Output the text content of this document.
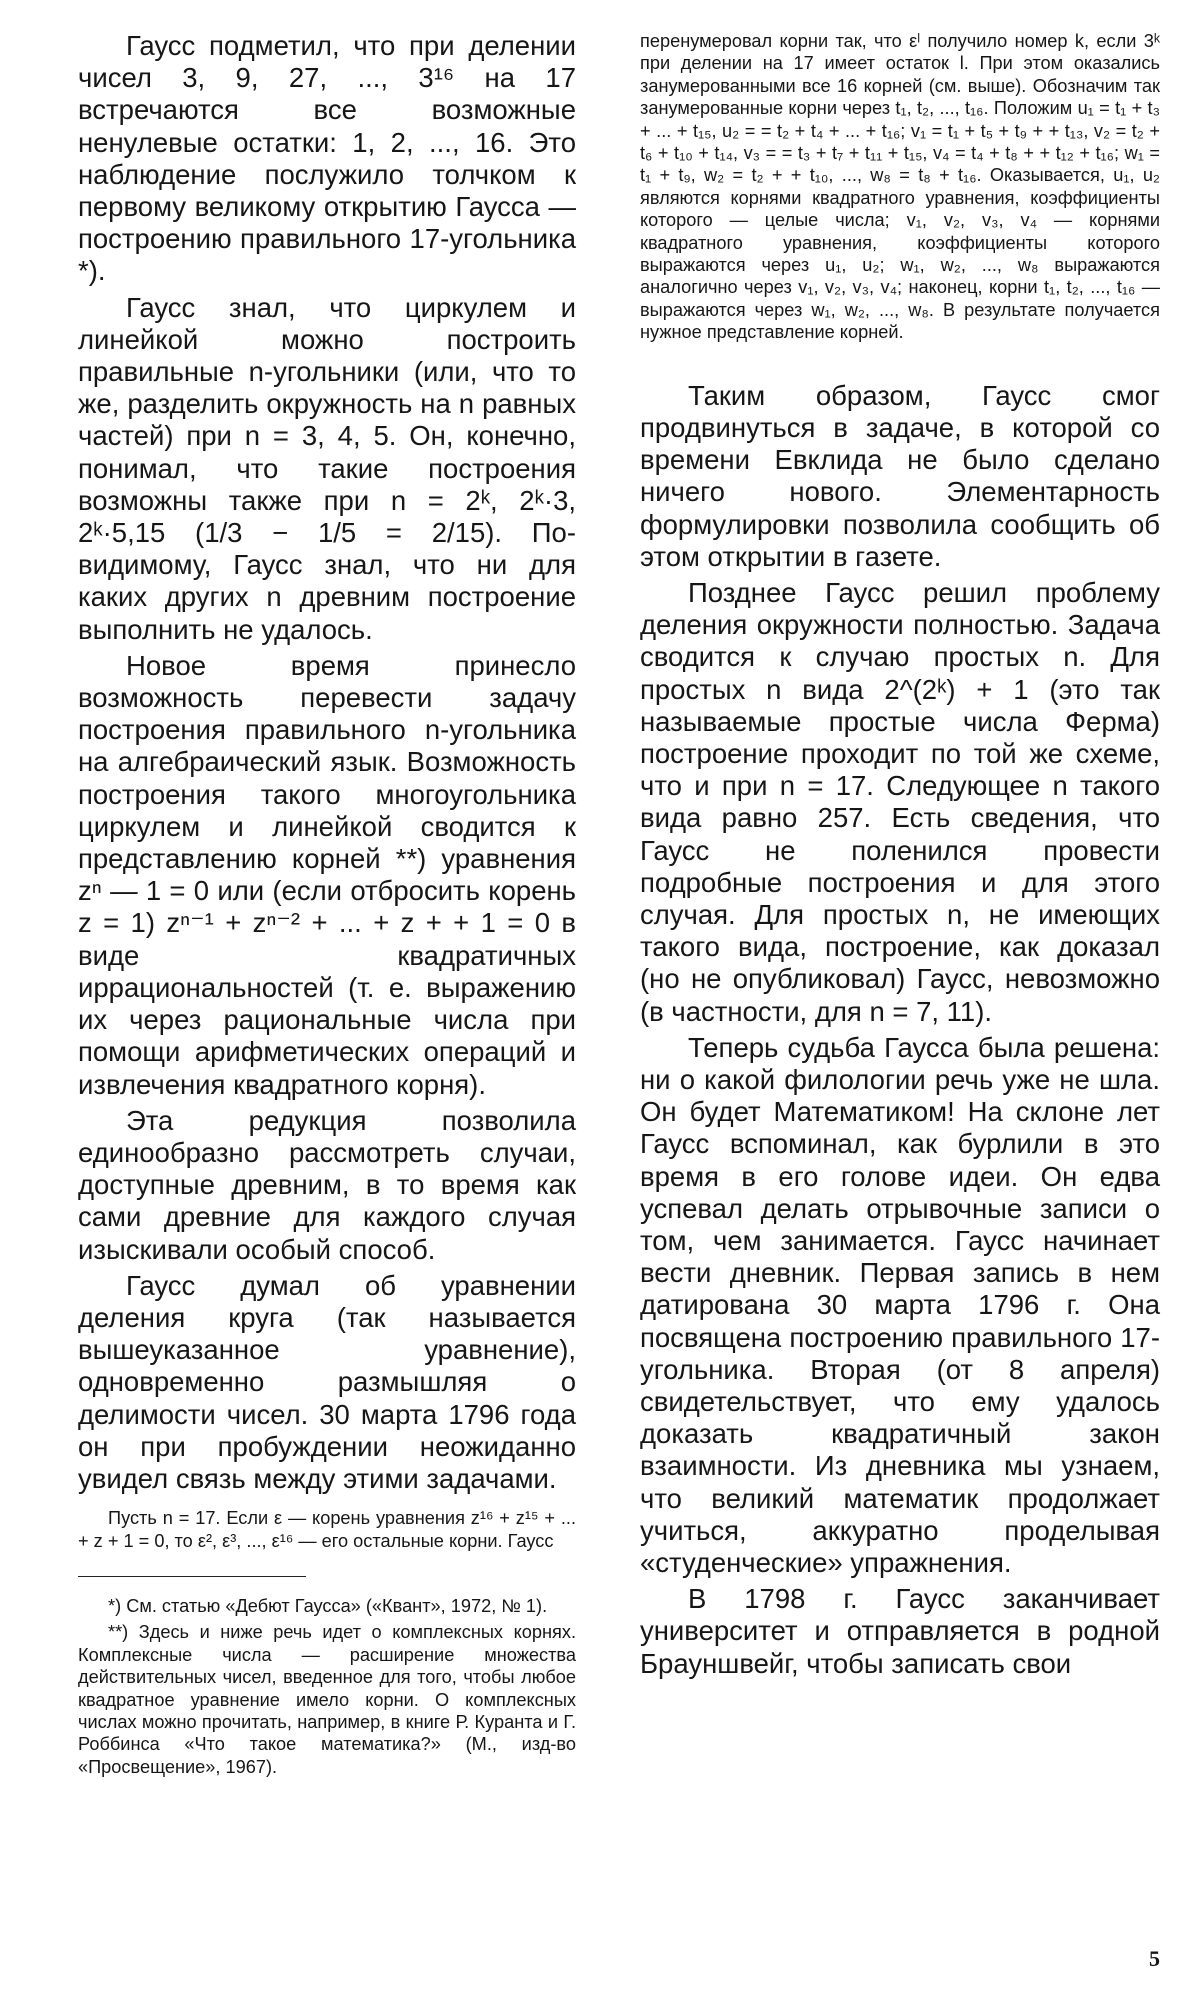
Гаусс подметил, что при делении чисел 3, 9, 27, ..., 3¹⁶ на 17 встречаются все возможные ненулевые остатки: 1, 2, ..., 16. Это наблюдение послужило толчком к первому великому открытию Гаусса — построению правильного 17-угольника *).

Гаусс знал, что циркулем и линейкой можно построить правильные n-угольники (или, что то же, разделить окружность на n равных частей) при n = 3, 4, 5. Он, конечно, понимал, что такие построения возможны также при n = 2ᵏ, 2ᵏ·3, 2ᵏ·5,15 (1/3 − 1/5 = 2/15). По-видимому, Гаусс знал, что ни для каких других n древним построение выполнить не удалось.

Новое время принесло возможность перевести задачу построения правильного n-угольника на алгебраический язык. Возможность построения такого многоугольника циркулем и линейкой сводится к представлению корней **) уравнения zⁿ — 1 = 0 или (если отбросить корень z = 1) zⁿ⁻¹ + zⁿ⁻² + ... + z + + 1 = 0 в виде квадратичных иррациональностей (т. е. выражению их через рациональные числа при помощи арифметических операций и извлечения квадратного корня).

Эта редукция позволила единообразно рассмотреть случаи, доступные древним, в то время как сами древние для каждого случая изыскивали особый способ.

Гаусс думал об уравнении деления круга (так называется вышеуказанное уравнение), одновременно размышляя о делимости чисел. 30 марта 1796 года он при пробуждении неожиданно увидел связь между этими задачами.

Пусть n = 17. Если ε — корень уравнения z¹⁶ + z¹⁵ + ... + z + 1 = 0, то ε², ε³, ..., ε¹⁶ — его остальные корни. Гаусс

*) См. статью «Дебют Гаусса» («Квант», 1972, № 1).

**) Здесь и ниже речь идет о комплексных корнях. Комплексные числа — расширение множества действительных чисел, введенное для того, чтобы любое квадратное уравнение имело корни. О комплексных числах можно прочитать, например, в книге Р. Куранта и Г. Роббинса «Что такое математика?» (М., изд-во «Просвещение», 1967).

перенумеровал корни так, что εˡ получило номер k, если 3ᵏ при делении на 17 имеет остаток l. При этом оказались занумерованными все 16 корней (см. выше). Обозначим так занумерованные корни через t₁, t₂, ..., t₁₆. Положим u₁ = t₁ + t₃ + ... + t₁₅, u₂ = = t₂ + t₄ + ... + t₁₆; v₁ = t₁ + t₅ + t₉ + + t₁₃, v₂ = t₂ + t₆ + t₁₀ + t₁₄, v₃ = = t₃ + t₇ + t₁₁ + t₁₅, v₄ = t₄ + t₈ + + t₁₂ + t₁₆; w₁ = t₁ + t₉, w₂ = t₂ + + t₁₀, ..., w₈ = t₈ + t₁₆. Оказывается, u₁, u₂ являются корнями квадратного уравнения, коэффициенты которого — целые числа; v₁, v₂, v₃, v₄ — корнями квадратного уравнения, коэффициенты которого выражаются через u₁, u₂; w₁, w₂, ..., w₈ выражаются аналогично через v₁, v₂, v₃, v₄; наконец, корни t₁, t₂, ..., t₁₆ — выражаются через w₁, w₂, ..., w₈. В результате получается нужное представление корней.

Таким образом, Гаусс смог продвинуться в задаче, в которой со времени Евклида не было сделано ничего нового. Элементарность формулировки позволила сообщить об этом открытии в газете.

Позднее Гаусс решил проблему деления окружности полностью. Задача сводится к случаю простых n. Для простых n вида 2^(2ᵏ) + 1 (это так называемые простые числа Ферма) построение проходит по той же схеме, что и при n = 17. Следующее n такого вида равно 257. Есть сведения, что Гаусс не поленился провести подробные построения и для этого случая. Для простых n, не имеющих такого вида, построение, как доказал (но не опубликовал) Гаусс, невозможно (в частности, для n = 7, 11).

Теперь судьба Гаусса была решена: ни о какой филологии речь уже не шла. Он будет Математиком! На склоне лет Гаусс вспоминал, как бурлили в это время в его голове идеи. Он едва успевал делать отрывочные записи о том, чем занимается. Гаусс начинает вести дневник. Первая запись в нем датирована 30 марта 1796 г. Она посвящена построению правильного 17-угольника. Вторая (от 8 апреля) свидетельствует, что ему удалось доказать квадратичный закон взаимности. Из дневника мы узнаем, что великий математик продолжает учиться, аккуратно проделывая «студенческие» упражнения.

В 1798 г. Гаусс заканчивает университет и отправляется в родной Брауншвейг, чтобы записать свои

5
